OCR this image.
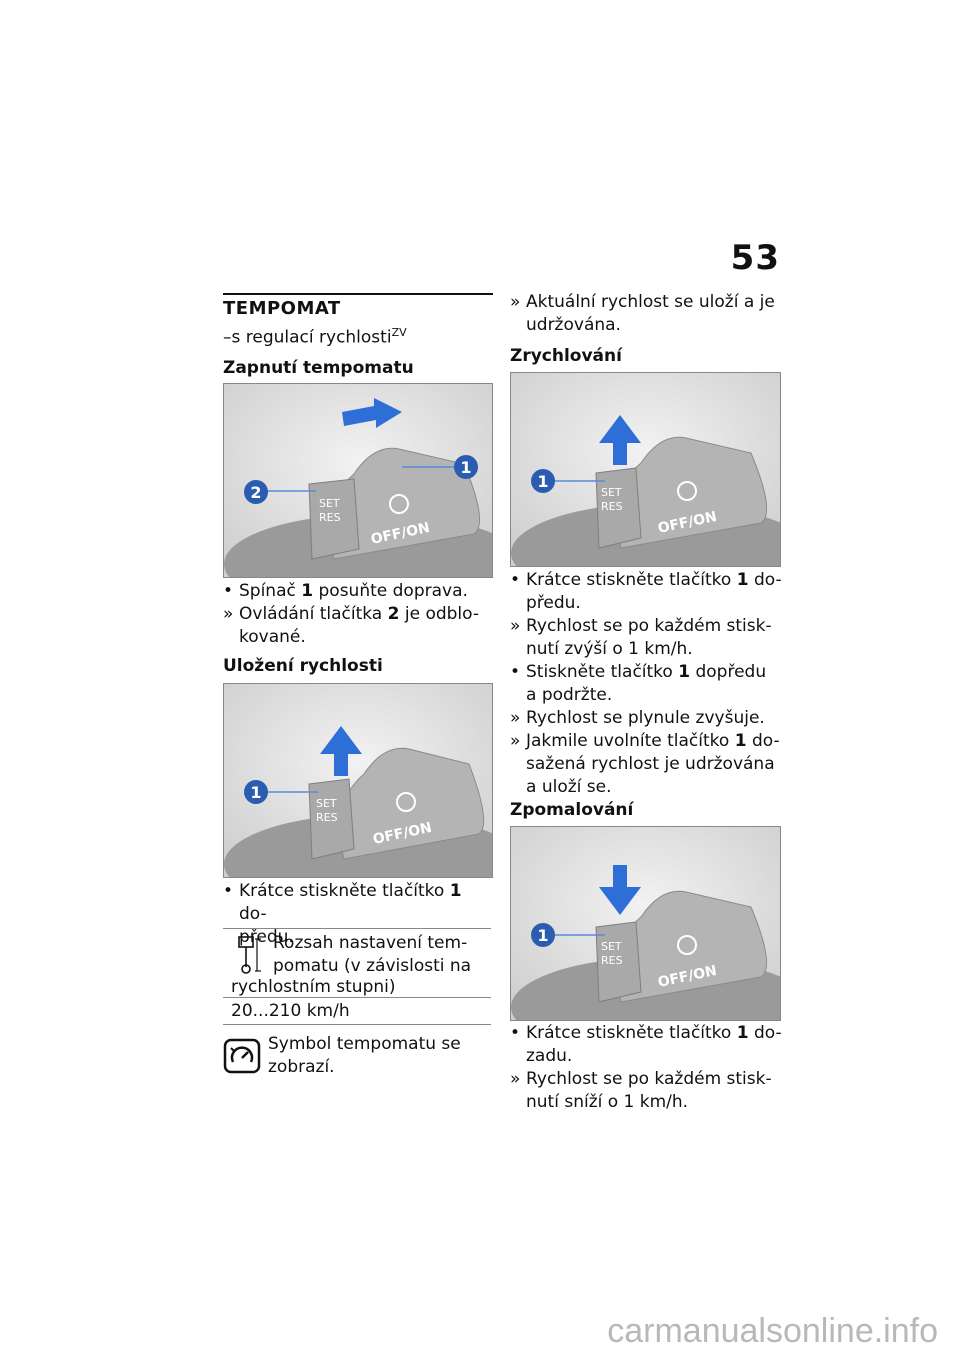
53
TEMPOMAT
–s regulací rychlosti$^{ZV}$
Zapnutí tempomatu
SET
RES
OFF/ON
1
2
• Spínač 1 posuňte doprava.
» Ovládání tlačítka 2 je odblo-
kované.
Uložení rychlosti
SET
RES
OFF/ON
1
• Krátce stiskněte tlačítko 1 do-
předu.
Rozsah nastavení tem-
pomatu (v závislosti na
rychlostním stupni)
20...210 km/h
Symbol tempomatu se
zobrazí.
» Aktuální rychlost se uloží a je
udržována.
Zrychlování
SET
RES
OFF/ON
1
• Krátce stiskněte tlačítko 1 do-
předu.
» Rychlost se po každém stisk-
nutí zvýší o 1 km/h.
• Stiskněte tlačítko 1 dopředu
a podržte.
» Rychlost se plynule zvyšuje.
» Jakmile uvolníte tlačítko 1 do-
sažená rychlost je udržována
a uloží se.
Zpomalování
SET
RES
OFF/ON
1
• Krátce stiskněte tlačítko 1 do-
zadu.
» Rychlost se po každém stisk-
nutí sníží o 1 km/h.
carmanualsonline.info
